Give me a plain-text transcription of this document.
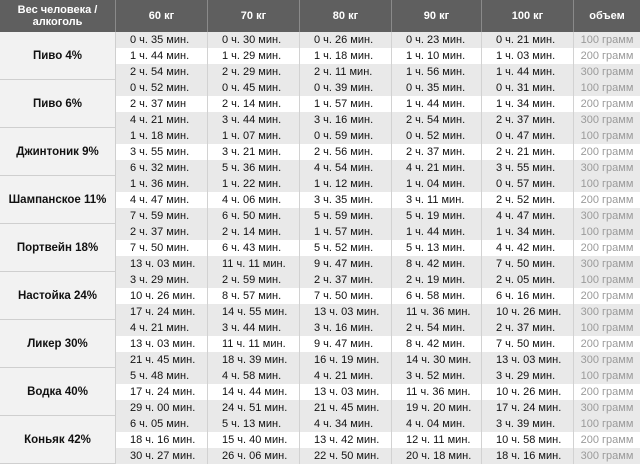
Вес человека / алкоголь	60 кг	70 кг	80 кг	90 кг	100 кг	объем
Пиво 4%
0 ч. 35 мин.	0 ч. 30 мин.	0 ч. 26 мин.	0 ч. 23 мин.	0 ч. 21 мин.	100 грамм
1 ч. 44 мин.	1 ч. 29 мин.	1 ч. 18 мин.	1 ч. 10 мин.	1 ч. 03 мин.	200 грамм
2 ч. 54 мин.	2 ч. 29 мин.	2 ч. 11 мин.	1 ч. 56 мин.	1 ч. 44 мин.	300 грамм
Пиво 6%
0 ч. 52 мин.	0 ч. 45 мин.	0 ч. 39 мин.	0 ч. 35 мин.	0 ч. 31 мин.	100 грамм
2 ч. 37 мин	2 ч. 14 мин.	1 ч. 57 мин.	1 ч. 44 мин.	1 ч. 34 мин.	200 грамм
4 ч. 21 мин.	3 ч. 44 мин.	3 ч. 16 мин.	2 ч. 54 мин.	2 ч. 37 мин.	300 грамм
Джинтоник 9%
1 ч. 18 мин.	1 ч. 07 мин.	0 ч. 59 мин.	0 ч. 52 мин.	0 ч. 47 мин.	100 грамм
3 ч. 55 мин.	3 ч. 21 мин.	2 ч. 56 мин.	2 ч. 37 мин.	2 ч. 21 мин.	200 грамм
6 ч. 32 мин.	5 ч. 36 мин.	4 ч. 54 мин.	4 ч. 21 мин.	3 ч. 55 мин.	300 грамм
Шампанское 11%
1 ч. 36 мин.	1 ч. 22 мин.	1 ч. 12 мин.	1 ч. 04 мин.	0 ч. 57 мин.	100 грамм
4 ч. 47 мин.	4 ч. 06 мин.	3 ч. 35 мин.	3 ч. 11 мин.	2 ч. 52 мин.	200 грамм
7 ч. 59 мин.	6 ч. 50 мин.	5 ч. 59 мин.	5 ч. 19 мин.	4 ч. 47 мин.	300 грамм
Портвейн 18%
2 ч. 37 мин.	2 ч. 14 мин.	1 ч. 57 мин.	1 ч. 44 мин.	1 ч. 34 мин.	100 грамм
7 ч. 50 мин.	6 ч. 43 мин.	5 ч. 52 мин.	5 ч. 13 мин.	4 ч. 42 мин.	200 грамм
13 ч. 03 мин.	11 ч. 11 мин.	9 ч. 47 мин.	8 ч. 42 мин.	7 ч. 50 мин.	300 грамм
Настойка 24%
3 ч. 29 мин.	2 ч. 59 мин.	2 ч. 37 мин.	2 ч. 19 мин.	2 ч. 05 мин.	100 грамм
10 ч. 26 мин.	8 ч. 57 мин.	7 ч. 50 мин.	6 ч. 58 мин.	6 ч. 16 мин.	200 грамм
17 ч. 24 мин.	14 ч. 55 мин.	13 ч. 03 мин.	11 ч. 36 мин.	10 ч. 26 мин.	300 грамм
Ликер 30%
4 ч. 21 мин.	3 ч. 44 мин.	3 ч. 16 мин.	2 ч. 54 мин.	2 ч. 37 мин.	100 грамм
13 ч. 03 мин.	11 ч. 11 мин.	9 ч. 47 мин.	8 ч. 42 мин.	7 ч. 50 мин.	200 грамм
21 ч. 45 мин.	18 ч. 39 мин.	16 ч. 19 мин.	14 ч. 30 мин.	13 ч. 03 мин.	300 грамм
Водка 40%
5 ч. 48 мин.	4 ч. 58 мин.	4 ч. 21 мин.	3 ч. 52 мин.	3 ч. 29 мин.	100 грамм
17 ч. 24 мин.	14 ч. 44 мин.	13 ч. 03 мин.	11 ч. 36 мин.	10 ч. 26 мин.	200 грамм
29 ч. 00 мин.	24 ч. 51 мин.	21 ч. 45 мин.	19 ч. 20 мин.	17 ч. 24 мин.	300 грамм
Коньяк 42%
6 ч. 05 мин.	5 ч. 13 мин.	4 ч. 34 мин.	4 ч. 04 мин.	3 ч. 39 мин.	100 грамм
18 ч. 16 мин.	15 ч. 40 мин.	13 ч. 42 мин.	12 ч. 11 мин.	10 ч. 58 мин.	200 грамм
30 ч. 27 мин.	26 ч. 06 мин.	22 ч. 50 мин.	20 ч. 18 мин.	18 ч. 16 мин.	300 грамм
